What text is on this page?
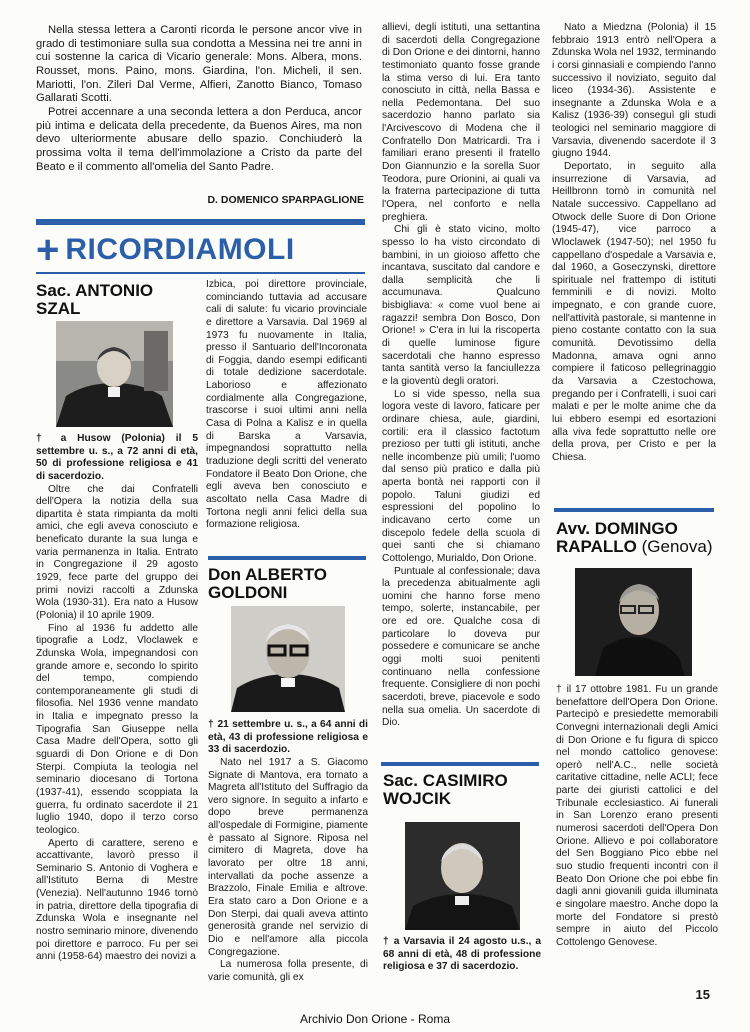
Nella stessa lettera a Caronti ricorda le persone ancor vive in grado di testimoniare sulla sua condotta a Messina nei tre anni in cui sostenne la carica di Vicario generale: Mons. Albera, mons. Rousset, mons. Paino, mons. Giardina, l'on. Micheli, il sen. Mariotti, l'on. Zileri Dal Verme, Alfieri, Zanotto Bianco, Tomaso Gallarati Scotti.

Potrei accennare a una seconda lettera a don Perduca, ancor più intima e delicata della precedente, da Buenos Aires, ma non devo ulteriormente abusare dello spazio. Conchiuderò la prossima volta il tema dell'immolazione a Cristo da parte del Beato e il commento all'omelia del Santo Padre.

D. DOMENICO SPARPAGLIONE
+ RICORDIAMOLI
Sac. ANTONIO
SZAL

† a Husow (Polonia) il 5 settembre u. s., a 72 anni di età, 50 di professione religiosa e 41 di sacerdozio.

Oltre che dai Confratelli dell'Opera la notizia della sua dipartita è stata rimpianta da molti amici, che egli aveva conosciuto e beneficato durante la sua lunga e varia permanenza in Italia. Entrato in Congregazione il 29 agosto 1929, fece parte del gruppo dei primi novizi raccolti a Zdunska Wola (1930-31). Era nato a Husow (Polonia) il 10 aprile 1909.

Fino al 1936 fu addetto alle tipografie a Lodz, Vloclawek e Zdunska Wola, impegnandosi con grande amore e, secondo lo spirito del tempo, compiendo contemporaneamente gli studi di filosofia. Nel 1936 venne mandato in Italia e impegnato presso la Tipografia San Giuseppe nella Casa Madre dell'Opera, sotto gli sguardi di Don Orione e di Don Sterpi. Compiuta la teologia nel seminario diocesano di Tortona (1937-41), essendo scoppiata la guerra, fu ordinato sacerdote il 21 luglio 1940, dopo il terzo corso teologico.

Aperto di carattere, sereno e accattivante, lavorò presso il Seminario S. Antonio di Voghera e all'Istituto Berna di Mestre (Venezia). Nell'autunno 1946 tornò in patria, direttore della tipografia di Zdunska Wola e insegnante nel nostro seminario minore, divenendo poi direttore e parroco. Fu per sei anni (1958-64) maestro dei novizi a

Izbica, poi direttore provinciale, cominciando tuttavia ad accusare cali di salute: fu vicario provinciale e direttore a Varsavia. Dal 1969 al 1973 fu nuovamente in Italia, presso il Santuario dell'Incoronata di Foggia, dando esempi edificanti di totale dedizione sacerdotale. Laborioso e affezionato cordialmente alla Congregazione, trascorse i suoi ultimi anni nella Casa di Polna a Kalisz e in quella di Barska a Varsavia, impegnandosi soprattutto nella traduzione degli scritti del venerato Fondatore il Beato Don Orione, che egli aveva ben conosciuto e ascoltato nella Casa Madre di Tortona negli anni felici della sua formazione religiosa.

Don ALBERTO
GOLDONI

† 21 settembre u. s., a 64 anni di età, 43 di professione religiosa e 33 di sacerdozio.

Nato nel 1917 a S. Giacomo Signate di Mantova, era tornato a Magreta all'Istituto del Suffragio da vero signore. In seguito a infarto e dopo breve permanenza all'ospedale di Formigine, piamente è passato al Signore. Riposa nel cimitero di Magreta, dove ha lavorato per oltre 18 anni, intervallati da poche assenze a Brazzolo, Finale Emilia e altrove. Era stato caro a Don Orione e a Don Sterpi, dai quali aveva attinto generosità grande nel servizio di Dio e nell'amore alla piccola Congregazione.

La numerosa folla presente, di varie comunità, gli ex

allievi, degli istituti, una settantina di sacerdoti della Congregazione di Don Orione e dei dintorni, hanno testimoniato quanto fosse grande la stima verso di lui. Era tanto conosciuto in città, nella Bassa e nella Pedemontana. Del suo sacerdozio hanno parlato sia l'Arcivescovo di Modena che il Confratello Don Matricardi. Tra i familiari erano presenti il fratello Don Giannunzio e la sorella Suor Teodora, pure Orionini, ai quali va la fraterna partecipazione di tutta l'Opera, nel conforto e nella preghiera.

Chi gli è stato vicino, molto spesso lo ha visto circondato di bambini, in un gioioso affetto che incantava, suscitato dal candore e dalla semplicità che li accumunava. Qualcuno bisbigliava: « come vuol bene ai ragazzi! sembra Don Bosco, Don Orione! » C'era in lui la riscoperta di quelle luminose figure sacerdotali che hanno espresso tanta santità verso la fanciullezza e la gioventù degli oratori.

Lo si vide spesso, nella sua logora veste di lavoro, faticare per ordinare chiesa, aule, giardini, cortili: era il classico factotum prezioso per tutti gli istituti, anche nelle incombenze più umili; l'uomo dal senso più pratico e dalla più aperta bontà nei rapporti con il popolo. Taluni giudizi ed espressioni del popolino lo indicavano certo come un discepolo fedele della scuola di quei santi che si chiamano Cottolengo, Murialdo, Don Orione.

Puntuale al confessionale; dava la precedenza abitualmente agli uomini che hanno forse meno tempo, solerte, instancabile, per ore ed ore. Qualche cosa di particolare lo doveva pur possedere e comunicare se anche oggi molti suoi penitenti continuano nella confessione frequente. Consigliere di non pochi sacerdoti, breve, piacevole e sodo nella sua omelia. Un sacerdote di Dio.

Sac. CASIMIRO
WOJCIK

† a Varsavia il 24 agosto u.s., a 68 anni di età, 48 di professione religiosa e 37 di sacerdozio.

Nato a Miedzna (Polonia) il 15 febbraio 1913 entrò nell'Opera a Zdunska Wola nel 1932, terminando i corsi ginnasiali e compiendo l'anno successivo il noviziato, seguito dal liceo (1934-36). Assistente e insegnante a Zdunska Wola e a Kalisz (1936-39) conseguì gli studi teologici nel seminario maggiore di Varsavia, divenendo sacerdote il 3 giugno 1944.

Deportato, in seguito alla insurrezione di Varsavia, ad Heillbronn tornò in comunità nel Natale successivo. Cappellano ad Otwock delle Suore di Don Orione (1945-47), vice parroco a Wloclawek (1947-50); nel 1950 fu cappellano d'ospedale a Varsavia e, dal 1960, a Goseczynski, direttore spirituale nel frattempo di istituti femminili e di novizi. Molto impegnato, e con grande cuore, nell'attività pastorale, si mantenne in pieno costante contatto con la sua comunità. Devotissimo della Madonna, amava ogni anno compiere il faticoso pellegrinaggio da Varsavia a Czestochowa, pregando per i Confratelli, i suoi cari malati e per le molte anime che da lui ebbero esempi ed esortazioni alla viva fede soprattutto nelle ore della prova, per Cristo e per la Chiesa.

Avv. DOMINGO
RAPALLO (Genova)

† il 17 ottobre 1981. Fu un grande benefattore dell'Opera Don Orione. Partecipò e presiedette memorabili Convegni internazionali degli Amici di Don Orione e fu figura di spicco nel mondo cattolico genovese: operò nell'A.C., nelle società caritative cittadine, nelle ACLI; fece parte dei giuristi cattolici e del Tribunale ecclesiastico. Ai funerali in San Lorenzo erano presenti numerosi sacerdoti dell'Opera Don Orione. Allievo e poi collaboratore del Sen Boggiano Pico ebbe nel suo studio frequenti incontri con il Beato Don Orione che poi ebbe fin dagli anni giovanili guida illuminata e singolare maestro. Anche dopo la morte del Fondatore si prestò sempre in aiuto del Piccolo Cottolengo Genovese.

15
Archivio Don Orione - Roma
